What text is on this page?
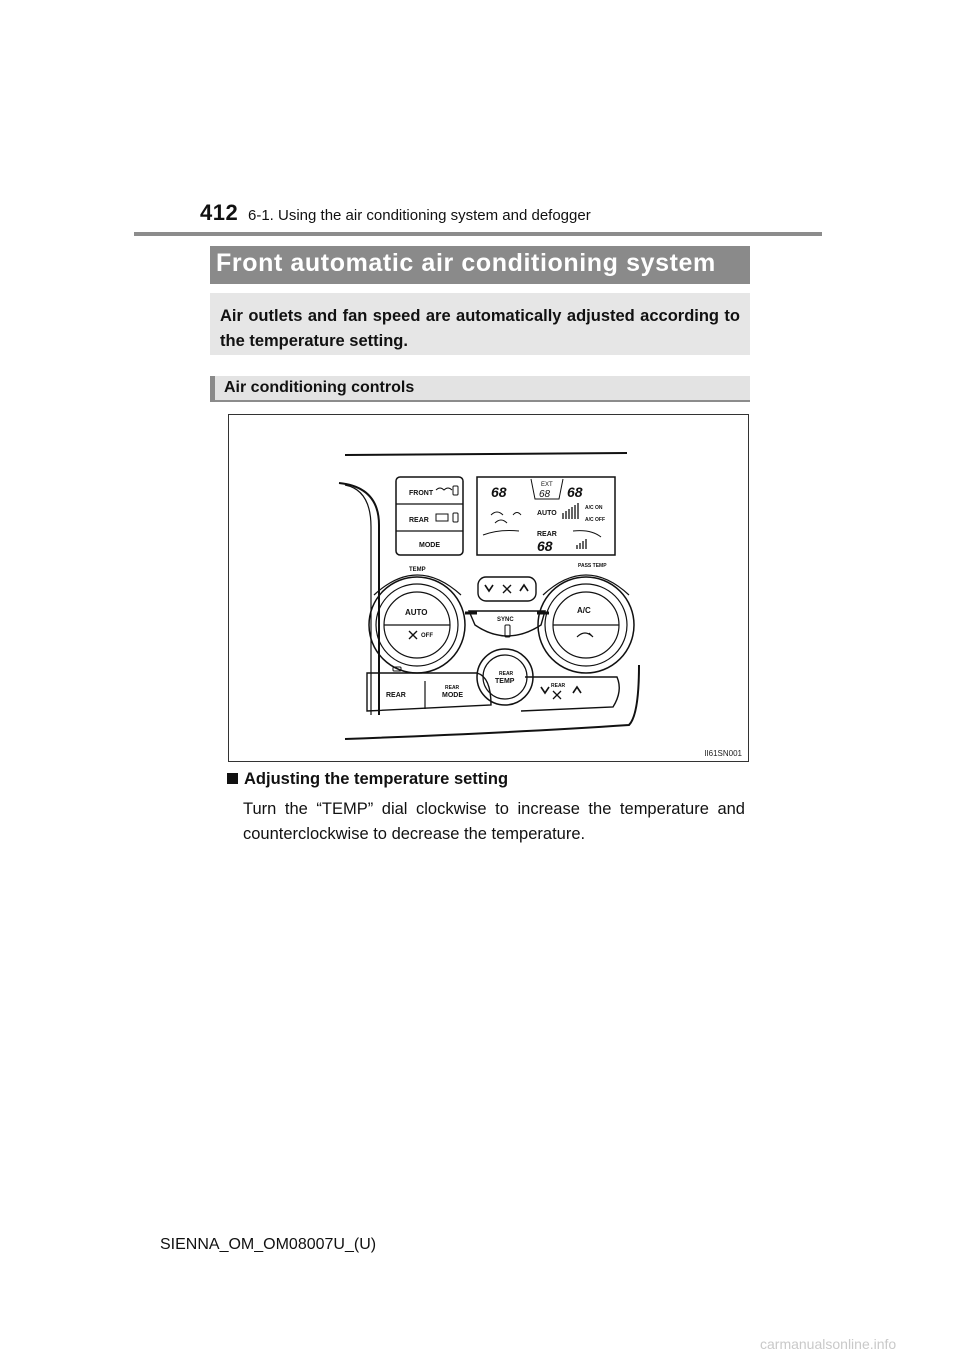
412 6-1. Using the air conditioning system and defogger
Front automatic air conditioning system
Air outlets and fan speed are automatically adjusted according to the temperature setting.
Air conditioning controls
FRONT
REAR
MODE
68	EXT
68 68
AUTO
A/C ON
A/C OFF
REAR
68
TEMP
AUTO
OFF
SYNC
PASS TEMP
A/C
REAR
REAR
MODE
REAR
TEMP
REAR
II61SN001
Adjusting the temperature setting
Turn the “TEMP” dial clockwise to increase the temperature and counterclockwise to decrease the temperature.
SIENNA_OM_OM08007U_(U)
carmanualsonline.info
